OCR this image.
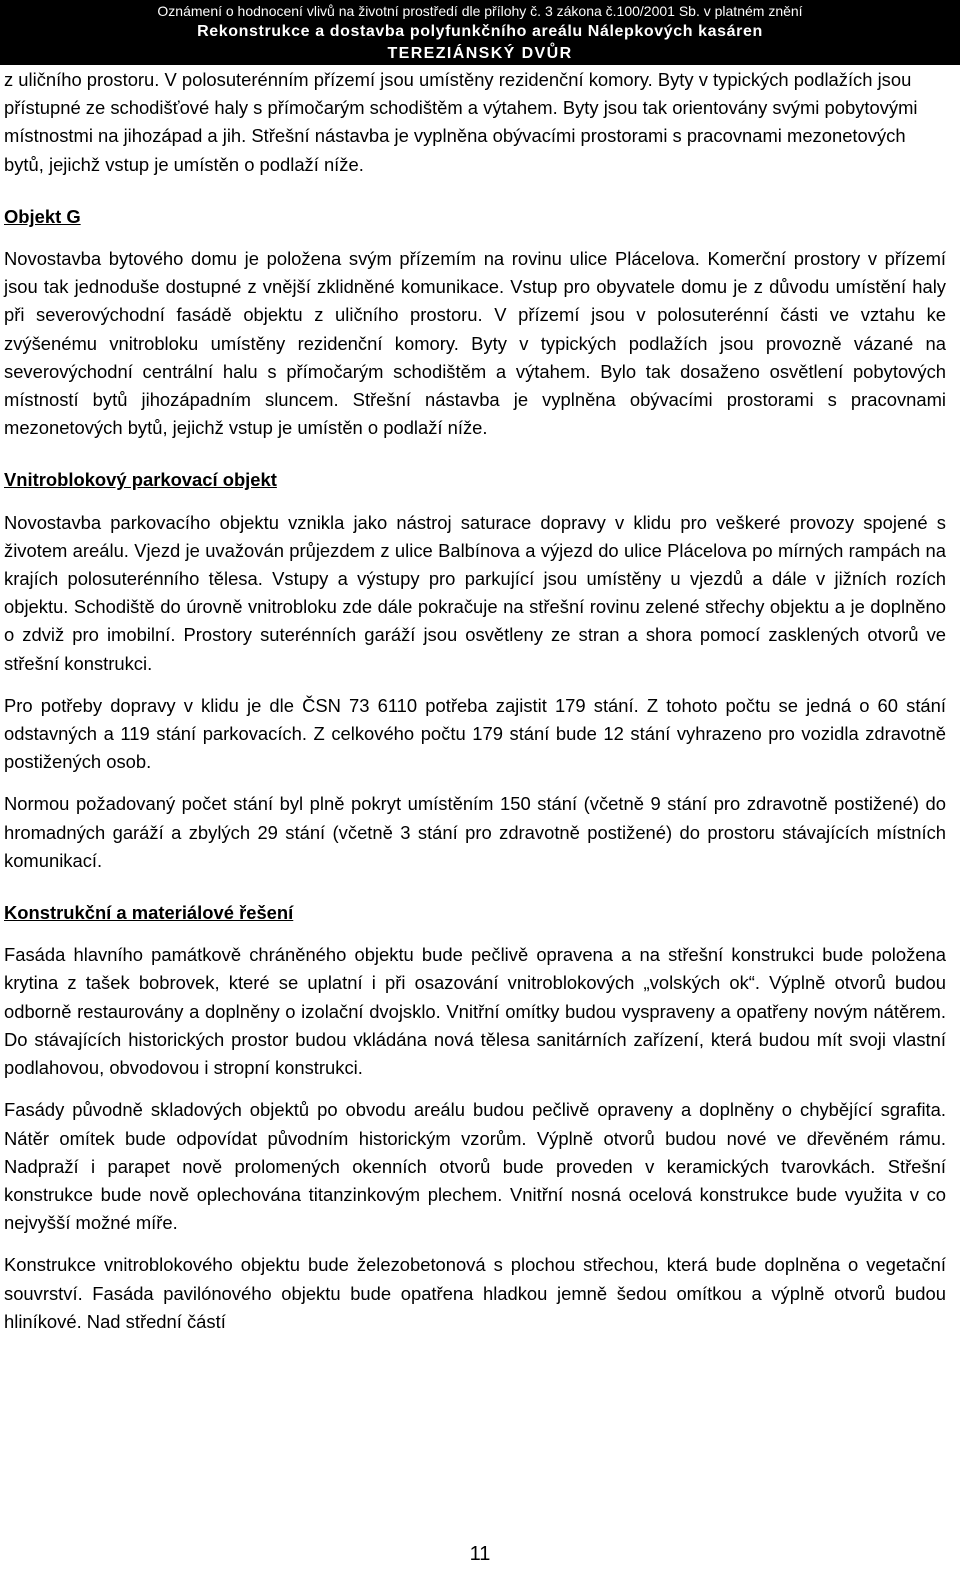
Oznámení o hodnocení vlivů na životní prostředí dle přílohy č. 3 zákona č.100/2001 Sb. v platném znění
Rekonstrukce a dostavba polyfunkčního areálu Nálepkových kasáren
TEREZIÁNSKÝ DVŮR

z uličního prostoru. V polosuterénním přízemí jsou umístěny rezidenční komory. Byty v typických podlažích jsou přístupné ze schodišťové haly s přímočarým schodištěm a výtahem. Byty jsou tak orientovány svými pobytovými místnostmi na jihozápad a jih. Střešní nástavba je vyplněna obývacími prostorami s pracovnami mezonetových bytů, jejichž vstup je umístěn o podlaží níže.

Objekt G

Novostavba bytového domu je položena svým přízemím na rovinu ulice Plácelova. Komerční prostory v přízemí jsou tak jednoduše dostupné z vnější zklidněné komunikace. Vstup pro obyvatele domu je z důvodu umístění haly při severovýchodní fasádě objektu z uličního prostoru. V přízemí jsou v polosuterénní části ve vztahu ke zvýšenému vnitrobloku umístěny rezidenční komory. Byty v typických podlažích jsou provozně vázané na severovýchodní centrální halu s přímočarým schodištěm a výtahem. Bylo tak dosaženo osvětlení pobytových místností bytů jihozápadním sluncem. Střešní nástavba je vyplněna obývacími prostorami s pracovnami mezonetových bytů, jejichž vstup je umístěn o podlaží níže.

Vnitroblokový parkovací objekt

Novostavba parkovacího objektu vznikla jako nástroj saturace dopravy v klidu pro veškeré provozy spojené s životem areálu. Vjezd je uvažován průjezdem z ulice Balbínova a výjezd do ulice Plácelova po mírných rampách na krajích polosuterénního tělesa. Vstupy a výstupy pro parkující jsou umístěny u vjezdů a dále v jižních rozích objektu. Schodiště do úrovně vnitrobloku zde dále pokračuje na střešní rovinu zelené střechy objektu a je doplněno o zdviž pro imobilní. Prostory suterénních garáží jsou osvětleny ze stran a shora pomocí zasklených otvorů ve střešní konstrukci.

Pro potřeby dopravy v klidu je dle ČSN 73 6110 potřeba zajistit 179 stání. Z tohoto počtu se jedná o 60 stání odstavných a 119 stání parkovacích. Z celkového počtu 179 stání bude 12 stání vyhrazeno pro vozidla zdravotně postižených osob.

Normou požadovaný počet stání byl plně pokryt umístěním 150 stání (včetně 9 stání pro zdravotně postižené) do hromadných garáží a zbylých 29 stání (včetně 3 stání pro zdravotně postižené) do prostoru stávajících místních komunikací.

Konstrukční a materiálové řešení

Fasáda hlavního památkově chráněného objektu bude pečlivě opravena a na střešní konstrukci bude položena krytina z tašek bobrovek, které se uplatní i při osazování vnitroblokových „volských ok“. Výplně otvorů budou odborně restaurovány a doplněny o izolační dvojsklo. Vnitřní omítky budou vyspraveny a opatřeny novým nátěrem. Do stávajících historických prostor budou vkládána nová tělesa sanitárních zařízení, která budou mít svoji vlastní podlahovou, obvodovou i stropní konstrukci.

Fasády původně skladových objektů po obvodu areálu budou pečlivě opraveny a doplněny o chybějící sgrafita. Nátěr omítek bude odpovídat původním historickým vzorům. Výplně otvorů budou nové ve dřevěném rámu. Nadpraží i parapet nově prolomených okenních otvorů bude proveden v keramických tvarovkách. Střešní konstrukce bude nově oplechována titanzinkovým plechem. Vnitřní nosná ocelová konstrukce bude využita v co nejvyšší možné míře.

Konstrukce vnitroblokového objektu bude železobetonová s plochou střechou, která bude doplněna o vegetační souvrství. Fasáda pavilónového objektu bude opatřena hladkou jemně šedou omítkou a výplně otvorů budou hliníkové. Nad střední částí

11
